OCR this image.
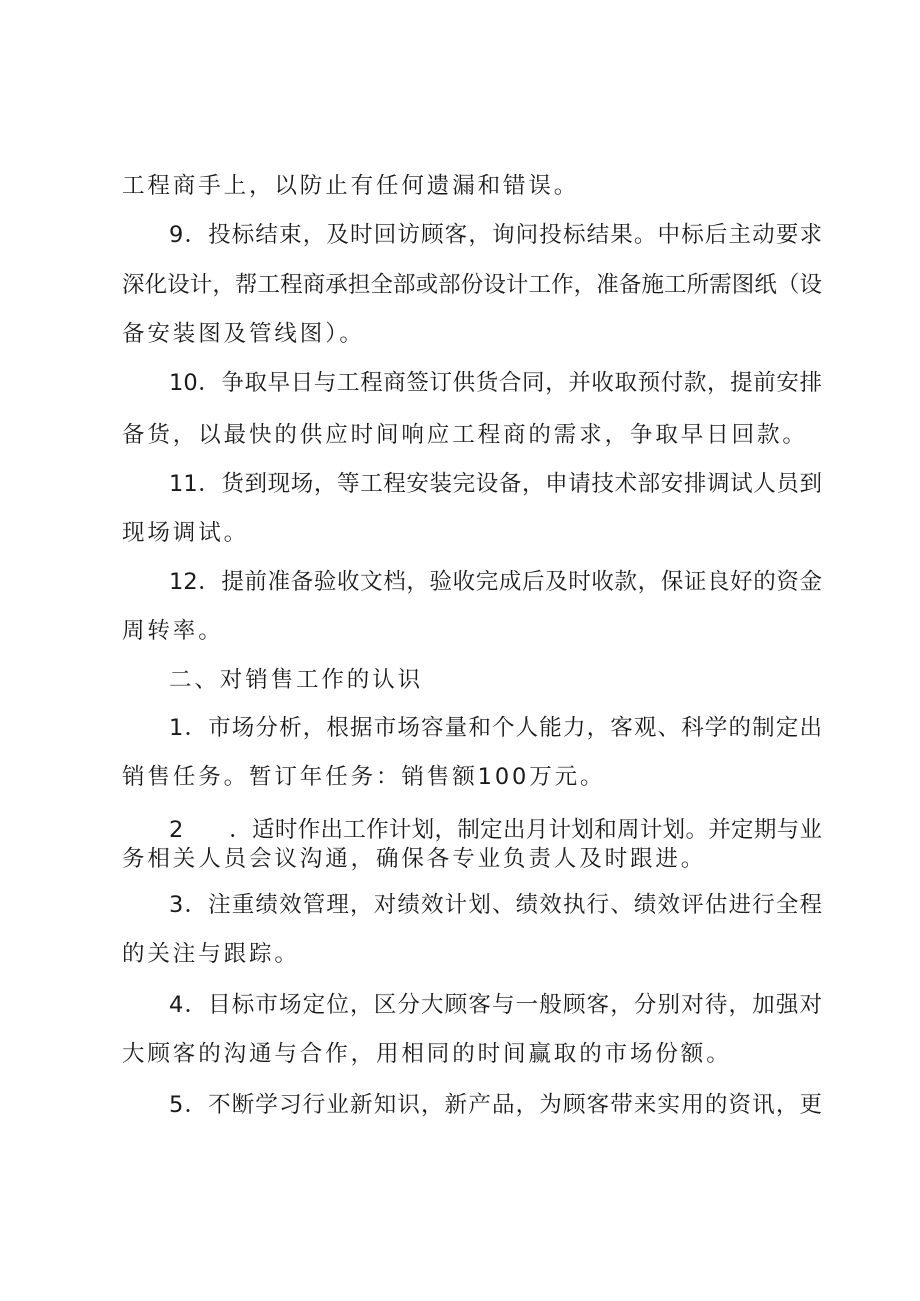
工程商手上，以防止有任何遗漏和错误。
9．投标结束，及时回访顾客，询问投标结果。中标后主动要求
深化设计，帮工程商承担全部或部份设计工作，准备施工所需图纸（设
备安装图及管线图）。
10．争取早日与工程商签订供货合同，并收取预付款，提前安排
备货，以最快的供应时间响应工程商的需求，争取早日回款。
11．货到现场，等工程安装完设备，申请技术部安排调试人员到
现场调试。
12．提前准备验收文档，验收完成后及时收款，保证良好的资金
周转率。
二、对销售工作的认识
1．市场分析，根据市场容量和个人能力，客观、科学的制定出
销售任务。暂订年任务：销售额100万元。
2　　．适时作出工作计划，制定出月计划和周计划。并定期与业
务相关人员会议沟通，确保各专业负责人及时跟进。
3．注重绩效管理，对绩效计划、绩效执行、绩效评估进行全程
的关注与跟踪。
4．目标市场定位，区分大顾客与一般顾客，分别对待，加强对
大顾客的沟通与合作，用相同的时间赢取的市场份额。
5．不断学习行业新知识，新产品，为顾客带来实用的资讯，更
